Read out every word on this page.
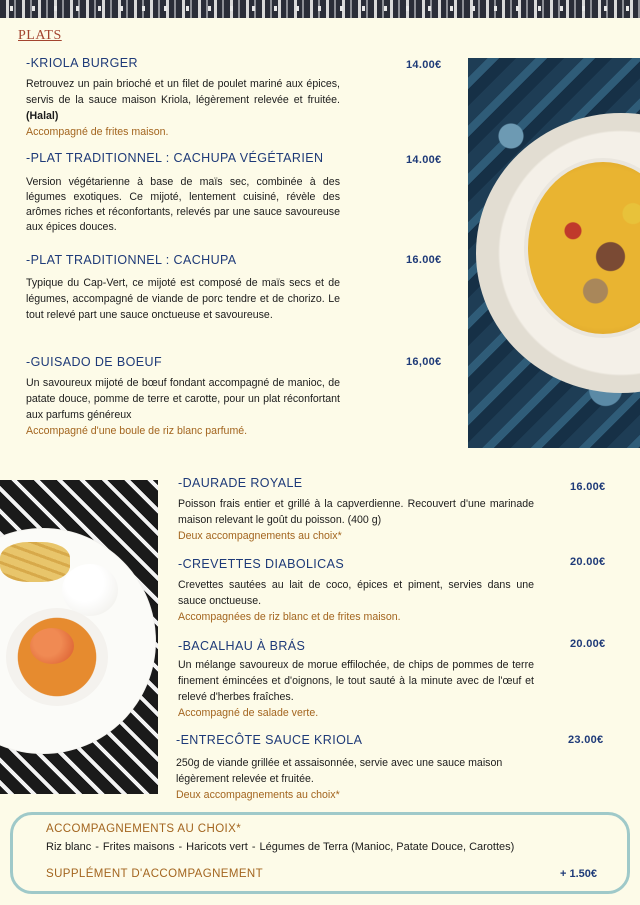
PLATS
-KRIOLA BURGER

Retrouvez un pain brioché et un filet de poulet mariné aux épices, servis de la sauce maison Kriola, légèrement relevée et fruitée. (Halal)

Accompagné de frites maison.

14.00€
-PLAT TRADITIONNEL : CACHUPA VÉGÉTARIEN

Version végétarienne à base de maïs sec, combinée à des légumes exotiques. Ce mijoté, lentement cuisiné, révèle des arômes riches et réconfortants, relevés par une sauce savoureuse aux épices douces.

14.00€
-PLAT TRADITIONNEL : CACHUPA

Typique du Cap-Vert, ce mijoté est composé de maïs secs et de légumes, accompagné de viande de porc tendre et de chorizo. Le tout relevé part une sauce onctueuse et savoureuse.

16.00€
-GUISADO DE BOEUF

Un savoureux mijoté de bœuf fondant accompagné de manioc, de patate douce, pomme de terre et carotte, pour un plat réconfortant aux parfums généreux

Accompagné d'une boule de riz blanc parfumé.

16,00€
-DAURADE ROYALE

Poisson frais entier et grillé à la capverdienne. Recouvert d'une marinade maison relevant le goût du poisson. (400 g)

Deux accompagnements au choix*

16.00€
-CREVETTES DIABOLICAS

Crevettes sautées au lait de coco, épices et piment, servies dans une sauce onctueuse.

Accompagnées de riz blanc et de frites maison.

20.00€
-BACALHAU À BRÁS

Un mélange savoureux de morue effilochée, de chips de pommes de terre finement émincées et d'oignons, le tout sauté à la minute avec de l'œuf et relevé d'herbes fraîches.

Accompagné de salade verte.

20.00€
-ENTRECÔTE SAUCE KRIOLA

250g de viande grillée et assaisonnée, servie avec une sauce maison légèrement relevée et fruitée.

Deux accompagnements au choix*

23.00€
ACCOMPAGNEMENTS AU CHOIX*

Riz blanc - Frites maisons - Haricots vert - Légumes de Terra (Manioc, Patate Douce, Carottes)

SUPPLÉMENT D'ACCOMPAGNEMENT	+ 1.50€
